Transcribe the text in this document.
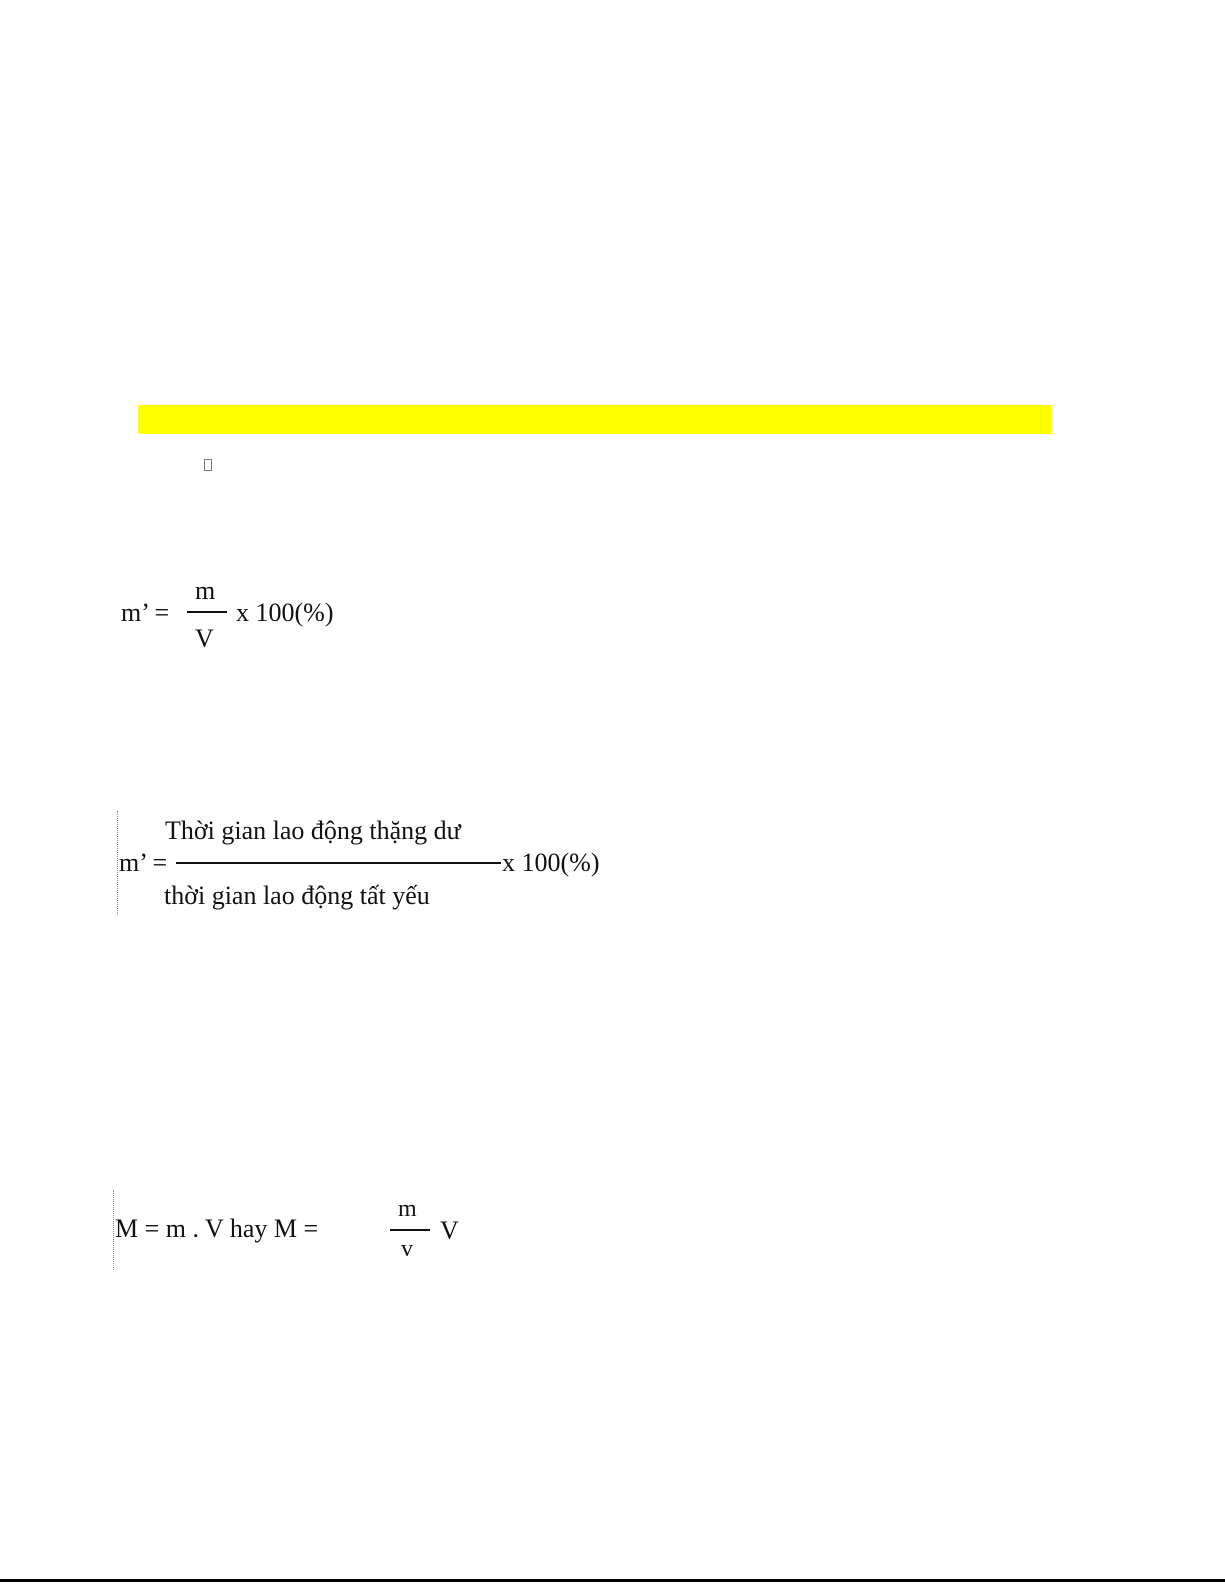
m’ =
m
V
x 100(%)
m’ =
Thời gian lao động thặng dư
x 100(%)
thời gian lao động tất yếu
M = m . V hay M =
m
v
V
